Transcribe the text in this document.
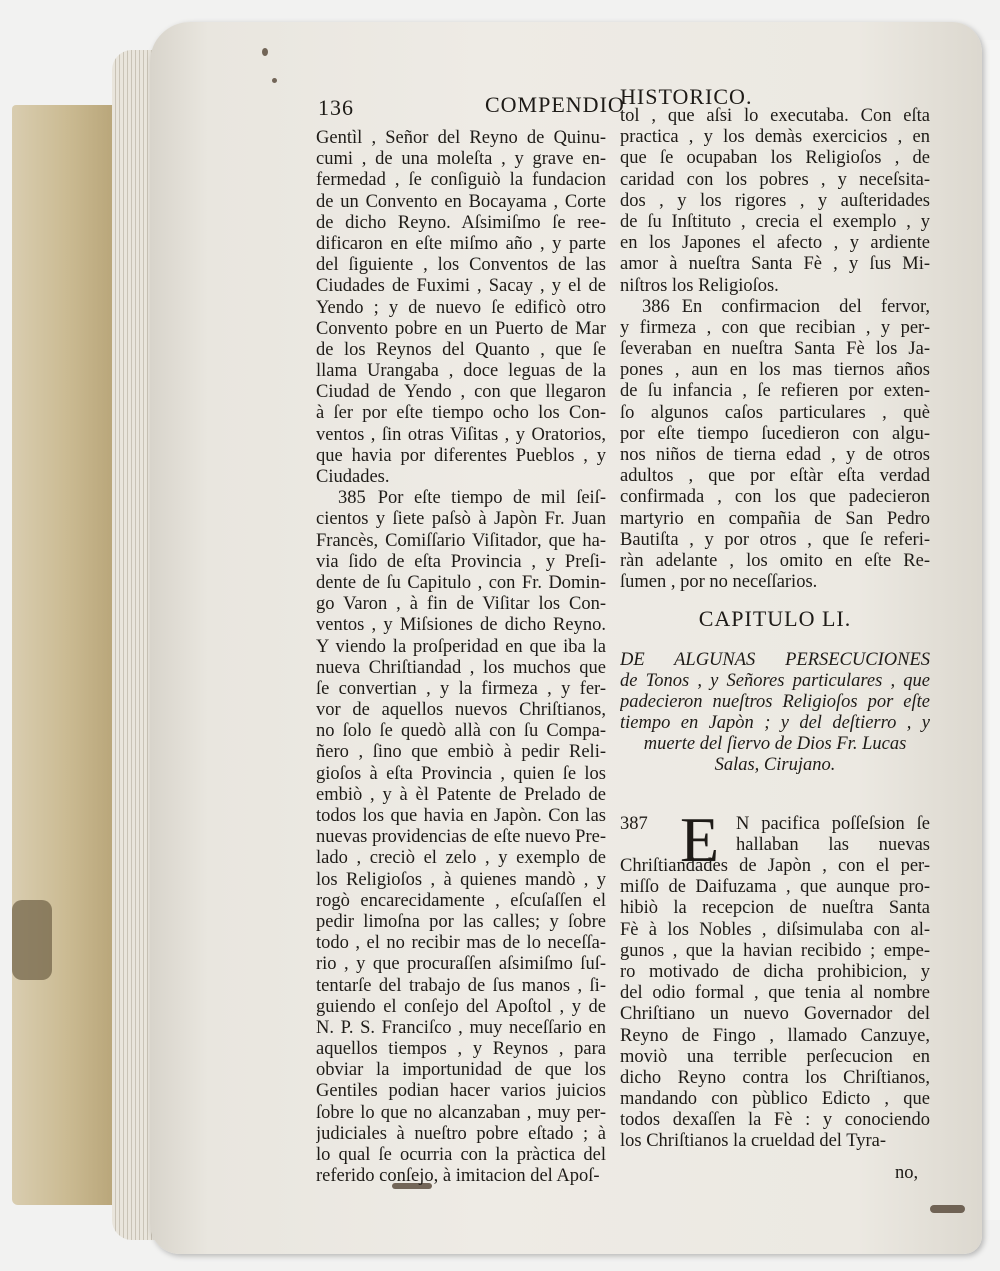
136	COMPENDIO
HISTORICO.
Gentìl , Señor del Reyno de Quinu-
cumi , de una moleſta , y grave en-
fermedad , ſe conſiguiò la fundacion
de un Convento en Bocayama , Corte
de dicho Reyno. Aſsimiſmo ſe ree-
dificaron en eſte miſmo año , y parte
del ſiguiente , los Conventos de las
Ciudades de Fuximi , Sacay , y el de
Yendo ; y de nuevo ſe edificò otro
Convento pobre en un Puerto de Mar
de los Reynos del Quanto , que ſe
llama Urangaba , doce leguas de la
Ciudad de Yendo , con que llegaron
à ſer por eſte tiempo ocho los Con-
ventos , ſin otras Viſitas , y Oratorios,
que havia por diferentes Pueblos , y
Ciudades.
385 Por eſte tiempo de mil ſeiſ-
cientos y ſiete paſsò à Japòn Fr. Juan
Francès, Comiſſario Viſitador, que ha-
via ſido de eſta Provincia , y Preſi-
dente de ſu Capitulo , con Fr. Domin-
go Varon , à fin de Viſitar los Con-
ventos , y Miſsiones de dicho Reyno.
Y viendo la proſperidad en que iba la
nueva Chriſtiandad , los muchos que
ſe convertian , y la firmeza , y fer-
vor de aquellos nuevos Chriſtianos,
no ſolo ſe quedò allà con ſu Compa-
ñero , ſino que embiò à pedir Reli-
gioſos à eſta Provincia , quien ſe los
embiò , y à èl Patente de Prelado de
todos los que havia en Japòn. Con las
nuevas providencias de eſte nuevo Pre-
lado , creciò el zelo , y exemplo de
los Religioſos , à quienes mandò , y
rogò encarecidamente , eſcuſaſſen el
pedir limoſna por las calles; y ſobre
todo , el no recibir mas de lo neceſſa-
rio , y que procuraſſen aſsimiſmo ſuſ-
tentarſe del trabajo de ſus manos , ſi-
guiendo el conſejo del Apoſtol , y de
N. P. S. Franciſco , muy neceſſario en
aquellos tiempos , y Reynos , para
obviar la importunidad de que los
Gentiles podian hacer varios juicios
ſobre lo que no alcanzaban , muy per-
judiciales à nueſtro pobre eſtado ; à
lo qual ſe ocurria con la pràctica del
referido conſejo, à imitacion del Apoſ-
tol , que aſsi lo executaba. Con eſta
practica , y los demàs exercicios , en
que ſe ocupaban los Religioſos , de
caridad con los pobres , y neceſsita-
dos , y los rigores , y auſteridades
de ſu Inſtituto , crecia el exemplo , y
en los Japones el afecto , y ardiente
amor à nueſtra Santa Fè , y ſus Mi-
niſtros los Religioſos.
386 En confirmacion del fervor,
y firmeza , con que recibian , y per-
ſeveraban en nueſtra Santa Fè los Ja-
pones , aun en los mas tiernos años
de ſu infancia , ſe refieren por exten-
ſo algunos caſos particulares , què
por eſte tiempo ſucedieron con algu-
nos niños de tierna edad , y de otros
adultos , que por eſtàr eſta verdad
confirmada , con los que padecieron
martyrio en compañia de San Pedro
Bautiſta , y por otros , que ſe referi-
ràn adelante , los omito en eſte Re-
ſumen , por no neceſſarios.
CAPITULO LI.
DE ALGUNAS PERSECUCIONES
de Tonos , y Señores particulares , que
padecieron nueſtros Religioſos por eſte
tiempo en Japòn ; y del deſtierro , y
muerte del ſiervo de Dios Fr. Lucas
Salas, Cirujano.
387 E N pacifica poſſeſsion ſe
hallaban las nuevas
Chriſtiandades de Japòn , con el per-
miſſo de Daifuzama , que aunque pro-
hibiò la recepcion de nueſtra Santa
Fè à los Nobles , diſsimulaba con al-
gunos , que la havian recibido ; empe-
ro motivado de dicha prohibicion, y
del odio formal , que tenia al nombre
Chriſtiano un nuevo Governador del
Reyno de Fingo , llamado Canzuye,
moviò una terrible perſecucion en
dicho Reyno contra los Chriſtianos,
mandando con pùblico Edicto , que
todos dexaſſen la Fè : y conociendo
los Chriſtianos la crueldad del Tyra-
no,
